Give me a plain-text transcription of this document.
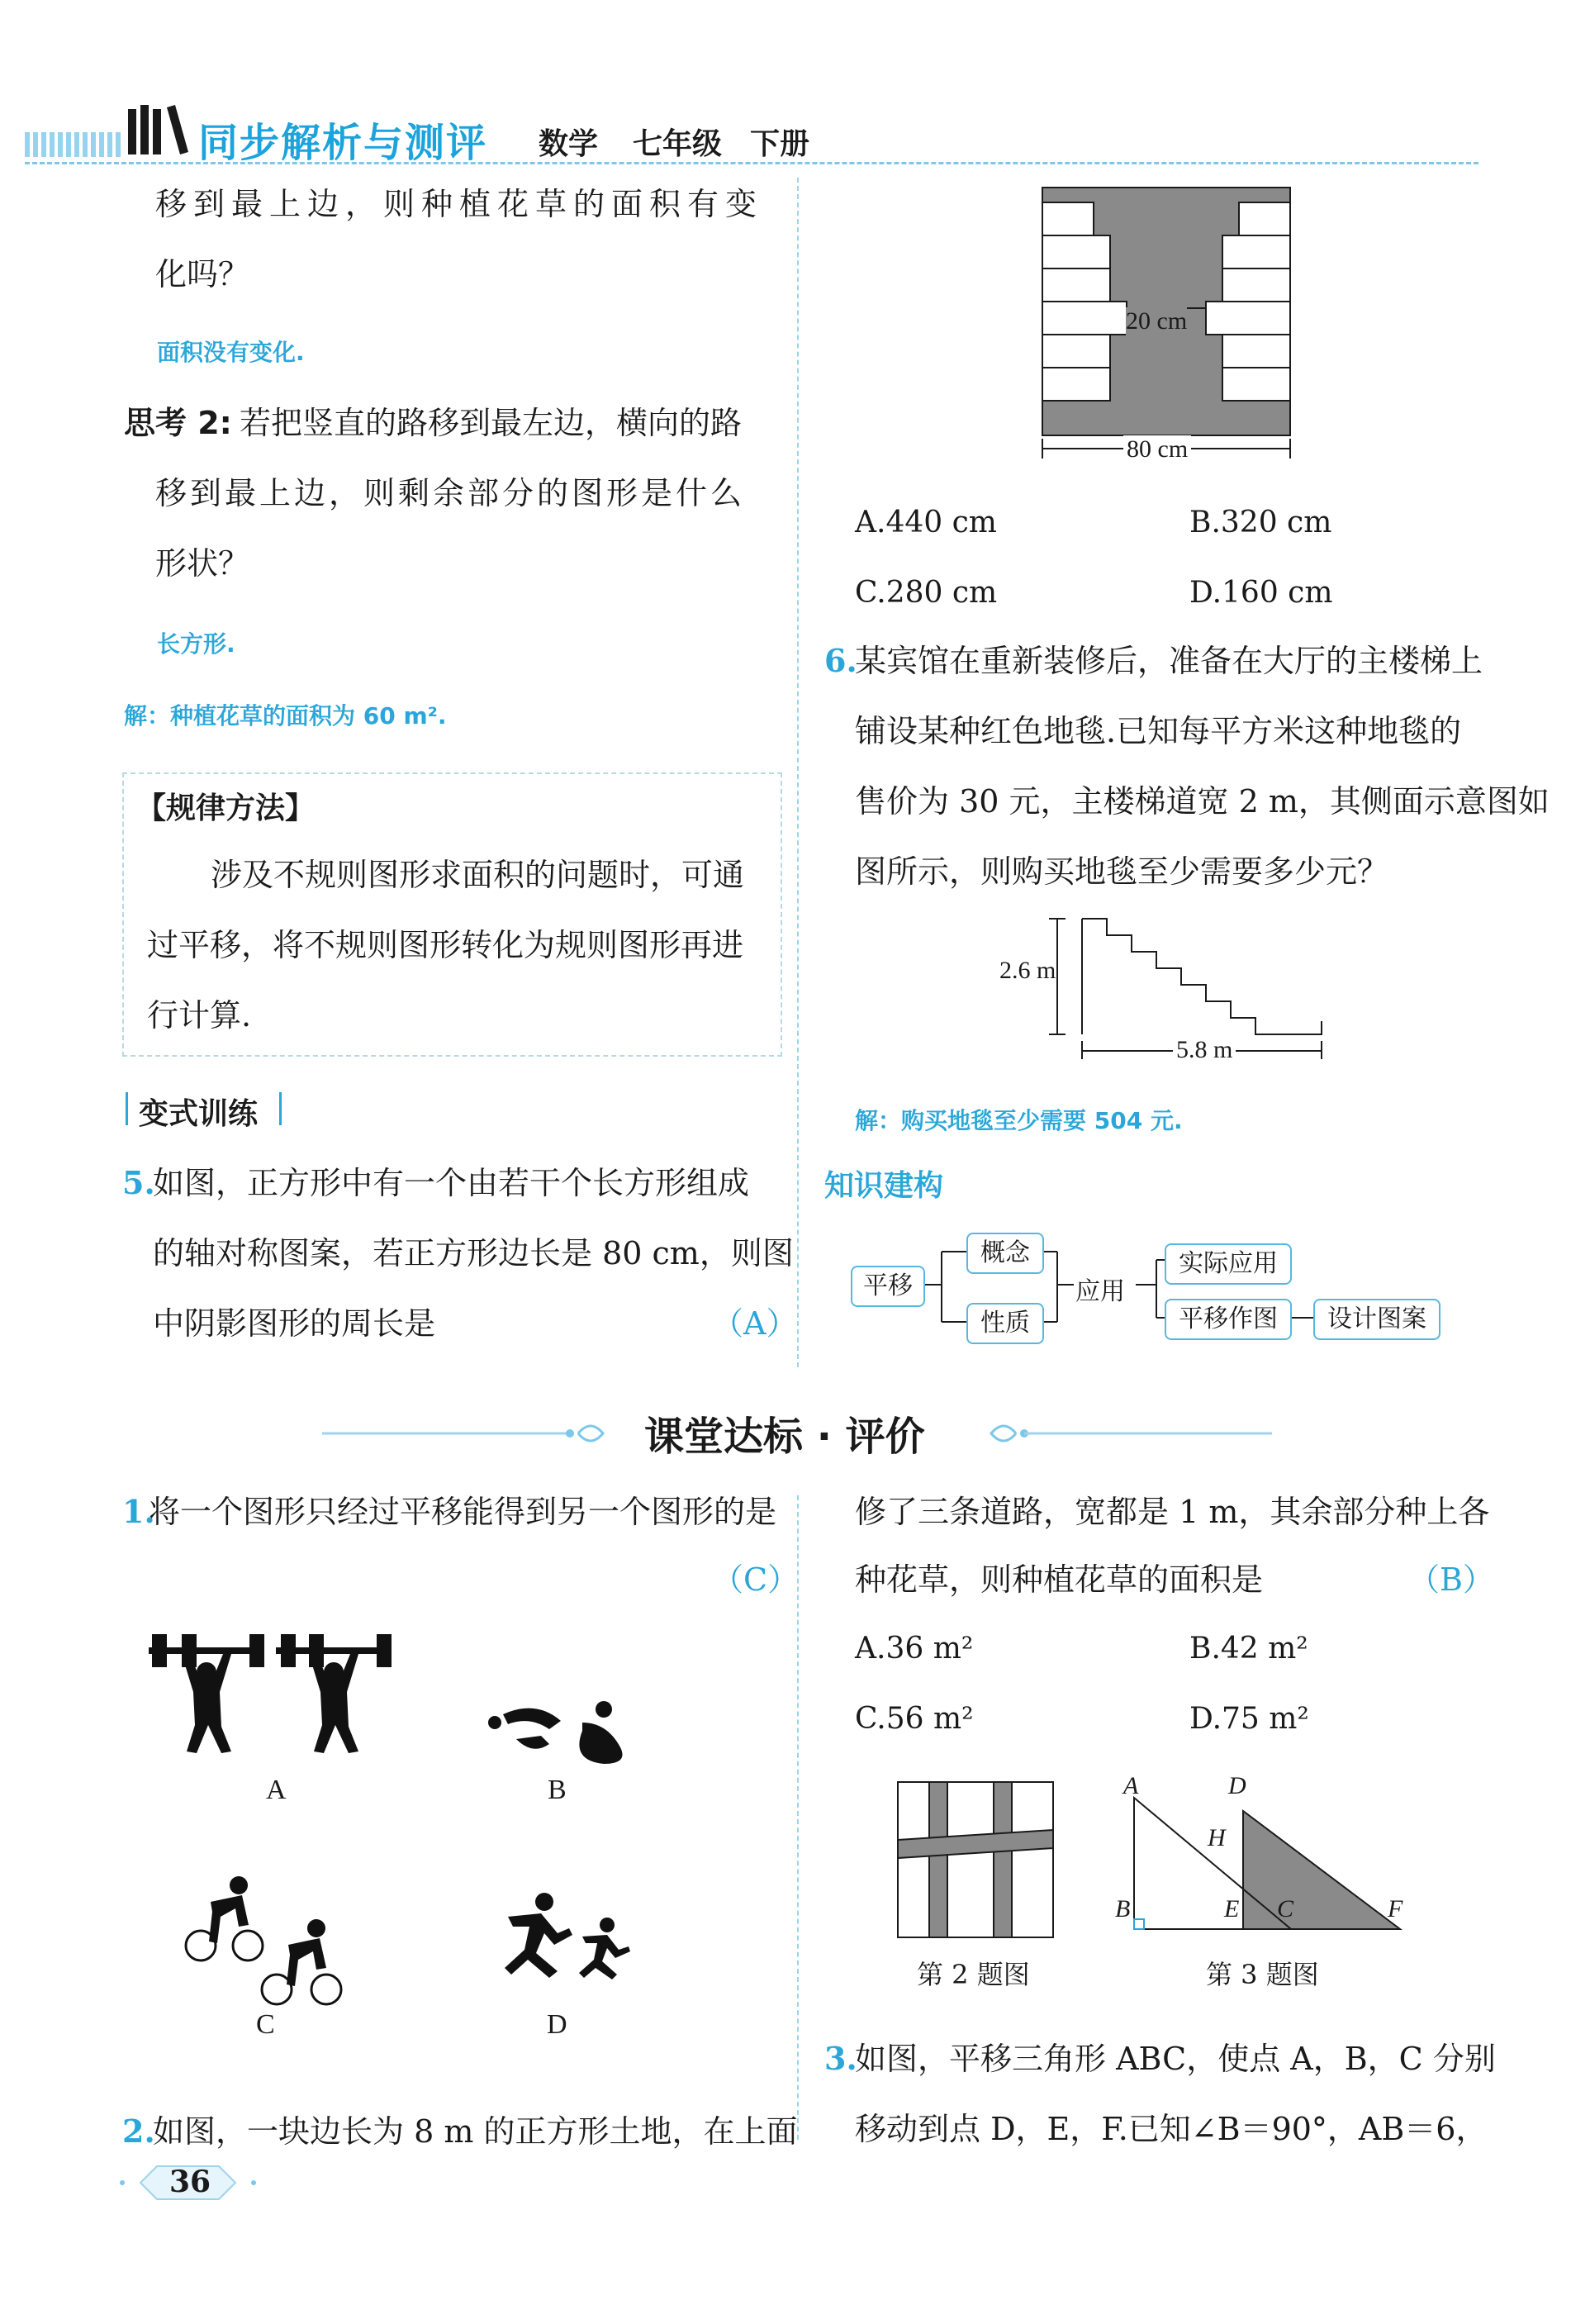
同步解析与测评 数学 七年级 下册
移到最上边，则种植花草的面积有变
化吗？
面积没有变化.
思考 2: 若把竖直的路移到最左边，横向的路
移到最上边，则剩余部分的图形是什么
形状？
长方形.
解：种植花草的面积为 60 m².
【规律方法】
涉及不规则图形求面积的问题时，可通
过平移，将不规则图形转化为规则图形再进
行计算.
变式训练
5.
如图，正方形中有一个由若干个长方形组成
的轴对称图案，若正方形边长是 80 cm，则图
中阴影图形的周长是	（A）
20 cm
80 cm
A.440 cm	B.320 cm
C.280 cm	D.160 cm
6.
某宾馆在重新装修后，准备在大厅的主楼梯上
铺设某种红色地毯.已知每平方米这种地毯的
售价为 30 元，主楼梯道宽 2 m，其侧面示意图如
图所示，则购买地毯至少需要多少元？
2.6 m
5.8 m
解：购买地毯至少需要 504 元.
知识建构
平移
概念
性质
应用
实际应用
平移作图	设计图案
课堂达标 · 评价
1.
将一个图形只经过平移能得到另一个图形的是
（C）
A	B
C	D
2.
如图，一块边长为 8 m 的正方形土地，在上面
修了三条道路，宽都是 1 m，其余部分种上各
种花草，则种植花草的面积是	（B）
A.36 m²	B.42 m²
C.56 m²	D.75 m²
第 2 题图
A	D
H
B	E C	F
第 3 题图
3.
如图，平移三角形 ABC，使点 A，B，C 分别
移动到点 D，E，F.已知∠B＝90°，AB＝6，
36
